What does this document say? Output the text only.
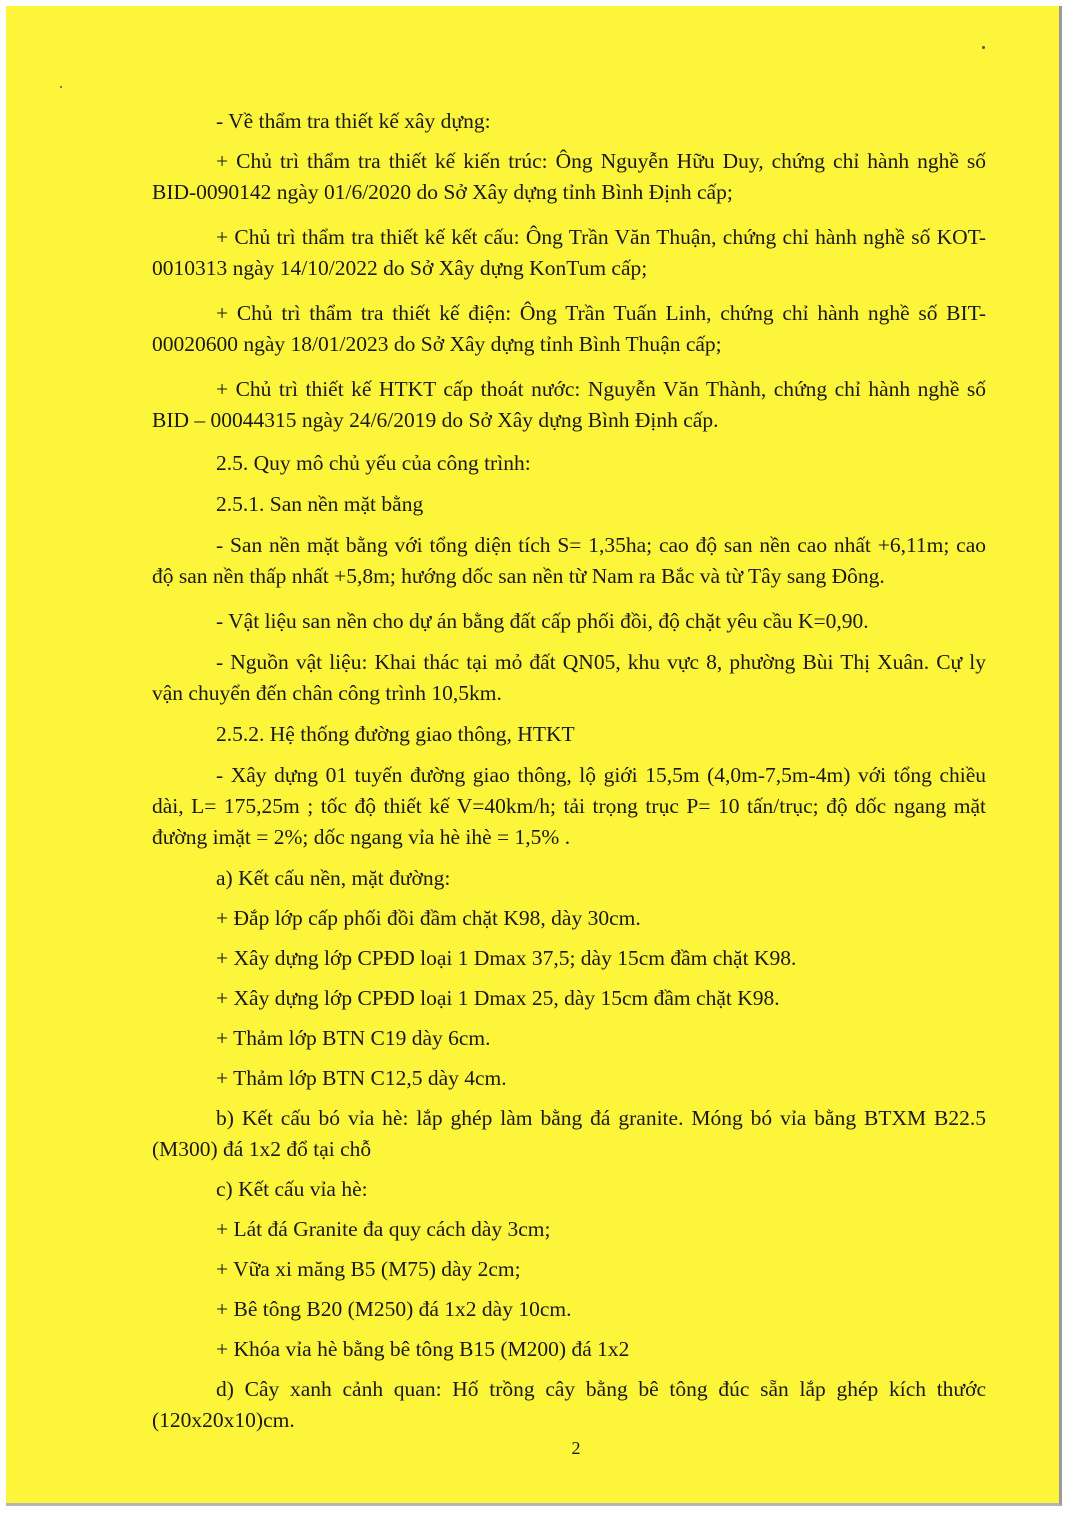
- Về thẩm tra thiết kế xây dựng:

+ Chủ trì thẩm tra thiết kế kiến trúc: Ông Nguyễn Hữu Duy, chứng chỉ hành nghề số BID-0090142 ngày 01/6/2020 do Sở Xây dựng tỉnh Bình Định cấp;

+ Chủ trì thẩm tra thiết kế kết cấu: Ông Trần Văn Thuận, chứng chỉ hành nghề số KOT-0010313 ngày 14/10/2022 do Sở Xây dựng KonTum cấp;

+ Chủ trì thẩm tra thiết kế điện: Ông Trần Tuấn Linh, chứng chỉ hành nghề số BIT-00020600 ngày 18/01/2023 do Sở Xây dựng tỉnh Bình Thuận cấp;

+ Chủ trì thiết kế HTKT cấp thoát nước: Nguyễn Văn Thành, chứng chỉ hành nghề số BID – 00044315 ngày 24/6/2019 do Sở Xây dựng Bình Định cấp.

2.5. Quy mô chủ yếu của công trình:

2.5.1. San nền mặt bằng

- San nền mặt bằng với tổng diện tích S= 1,35ha; cao độ san nền cao nhất +6,11m; cao độ san nền thấp nhất +5,8m; hướng dốc san nền từ Nam ra Bắc và từ Tây sang Đông.

- Vật liệu san nền cho dự án bằng đất cấp phối đồi, độ chặt yêu cầu K=0,90.

- Nguồn vật liệu: Khai thác tại mỏ đất QN05, khu vực 8, phường Bùi Thị Xuân. Cự ly vận chuyển đến chân công trình 10,5km.

2.5.2. Hệ thống đường giao thông, HTKT

- Xây dựng 01 tuyến đường giao thông, lộ giới 15,5m (4,0m-7,5m-4m) với tổng chiều dài, L= 175,25m ; tốc độ thiết kế V=40km/h; tải trọng trục P= 10 tấn/trục; độ dốc ngang mặt đường imặt = 2%; dốc ngang vỉa hè ihè = 1,5% .

a) Kết cấu nền, mặt đường:

+ Đắp lớp cấp phối đồi đầm chặt K98, dày 30cm.

+ Xây dựng lớp CPĐD loại 1 Dmax 37,5; dày 15cm đầm chặt K98.

+ Xây dựng lớp CPĐD loại 1 Dmax 25, dày 15cm đầm chặt K98.

+ Thảm lớp BTN C19 dày 6cm.

+ Thảm lớp BTN C12,5 dày 4cm.

b) Kết cấu bó vỉa hè: lắp ghép làm bằng đá granite. Móng bó vỉa bằng BTXM B22.5 (M300) đá 1x2 đổ tại chỗ

c) Kết cấu vỉa hè:

+ Lát đá Granite đa quy cách dày 3cm;

+ Vữa xi măng B5 (M75) dày 2cm;

+ Bê tông B20 (M250) đá 1x2 dày 10cm.

+ Khóa vỉa hè bằng bê tông B15 (M200) đá 1x2

d) Cây xanh cảnh quan: Hố trồng cây bằng bê tông đúc sẵn lắp ghép kích thước (120x20x10)cm.

2
